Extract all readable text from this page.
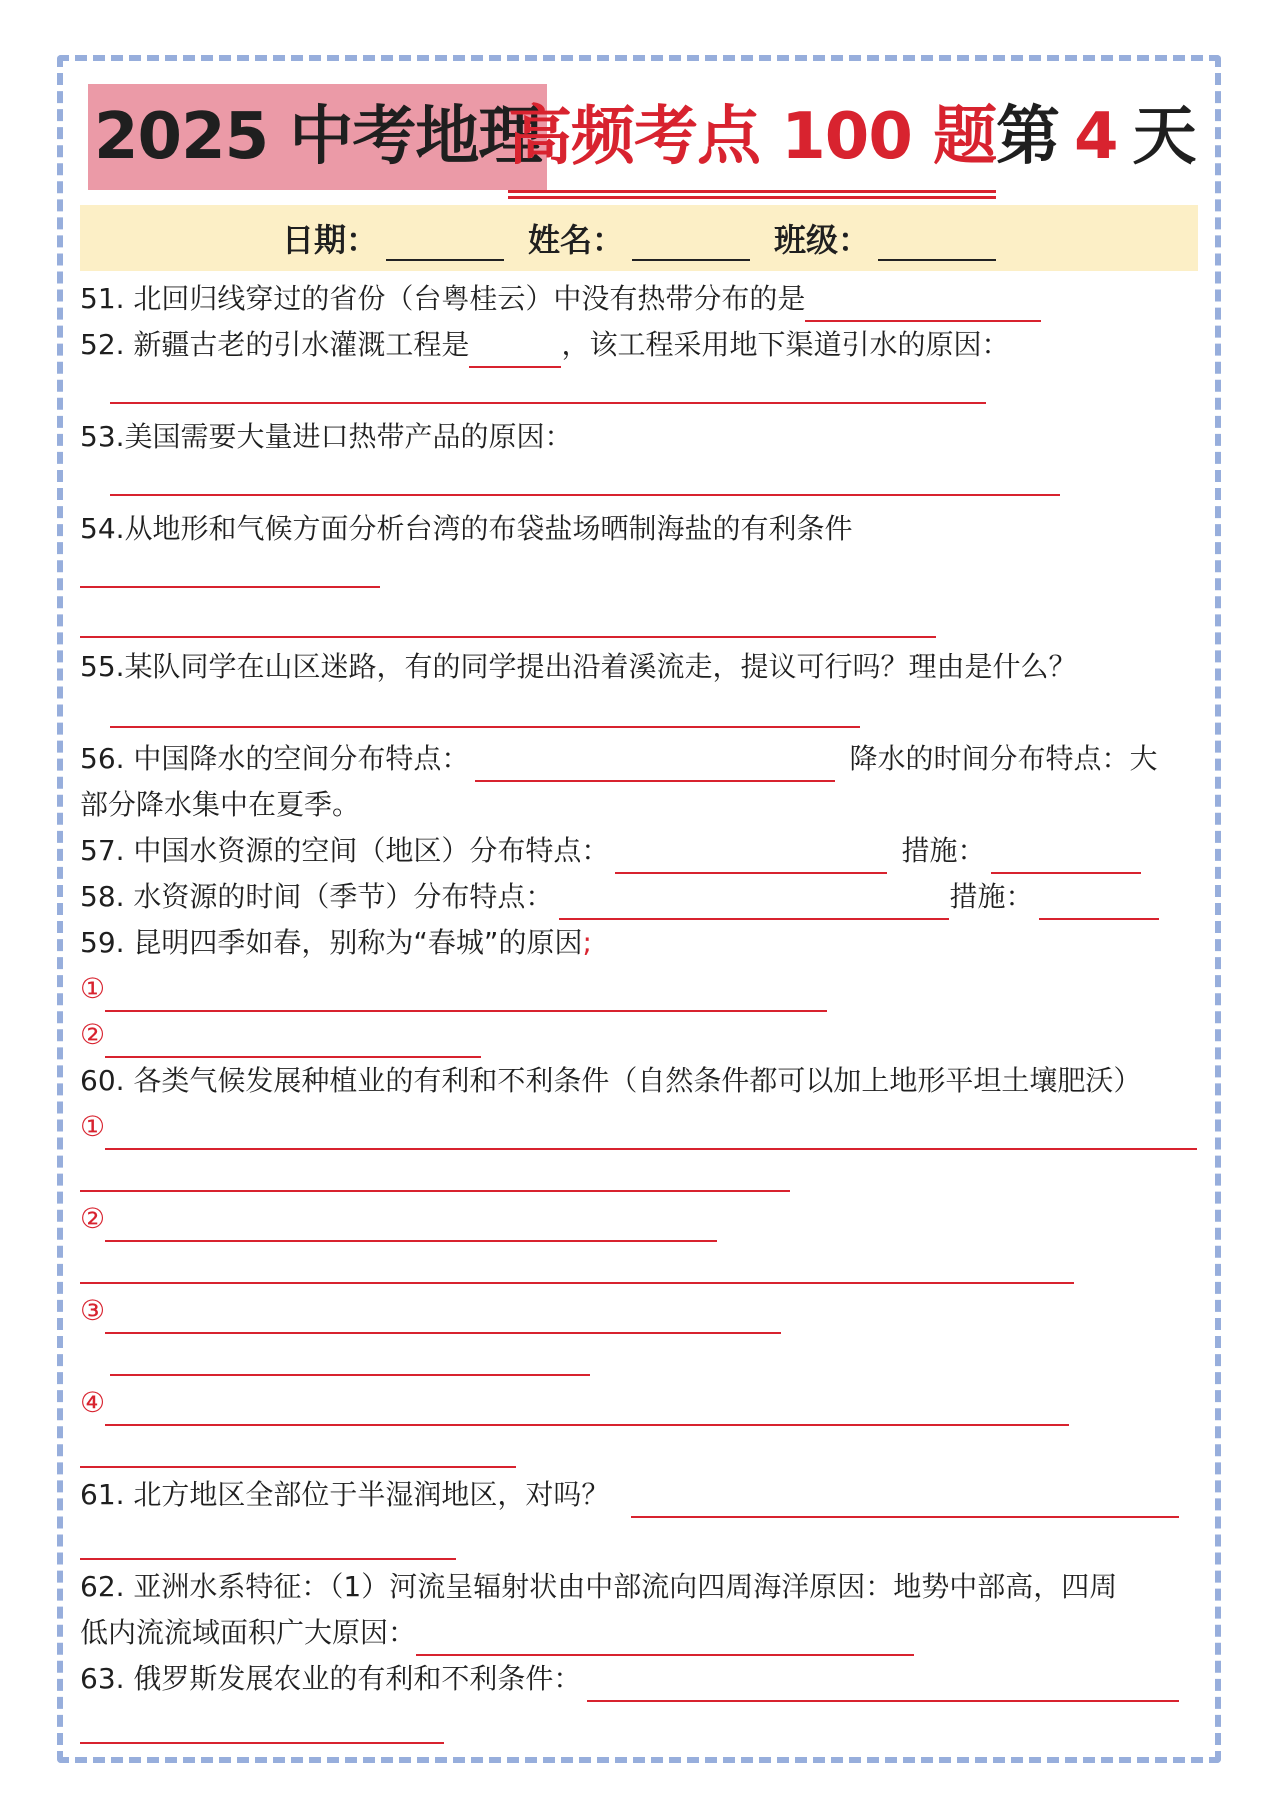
2025 中考地理
高频考点 100 题 第 4 天
日期：	姓名：	班级：
51. 北回归线穿过的省份（台粤桂云）中没有热带分布的是
52. 新疆古老的引水灌溉工程是	，该工程采用地下渠道引水的原因：
53.美国需要大量进口热带产品的原因：
54.从地形和气候方面分析台湾的布袋盐场晒制海盐的有利条件
55.某队同学在山区迷路，有的同学提出沿着溪流走，提议可行吗？理由是什么？
56. 中国降水的空间分布特点：	降水的时间分布特点：大
部分降水集中在夏季。
57. 中国水资源的空间（地区）分布特点：	措施：
58. 水资源的时间（季节）分布特点：	措施：
59. 昆明四季如春，别称为“春城”的原因;
①
②
60. 各类气候发展种植业的有利和不利条件（自然条件都可以加上地形平坦土壤肥沃）
①
②
③
④
61. 北方地区全部位于半湿润地区，对吗？
62. 亚洲水系特征：（1）河流呈辐射状由中部流向四周海洋原因：地势中部高，四周
低内流流域面积广大原因：
63. 俄罗斯发展农业的有利和不利条件：
